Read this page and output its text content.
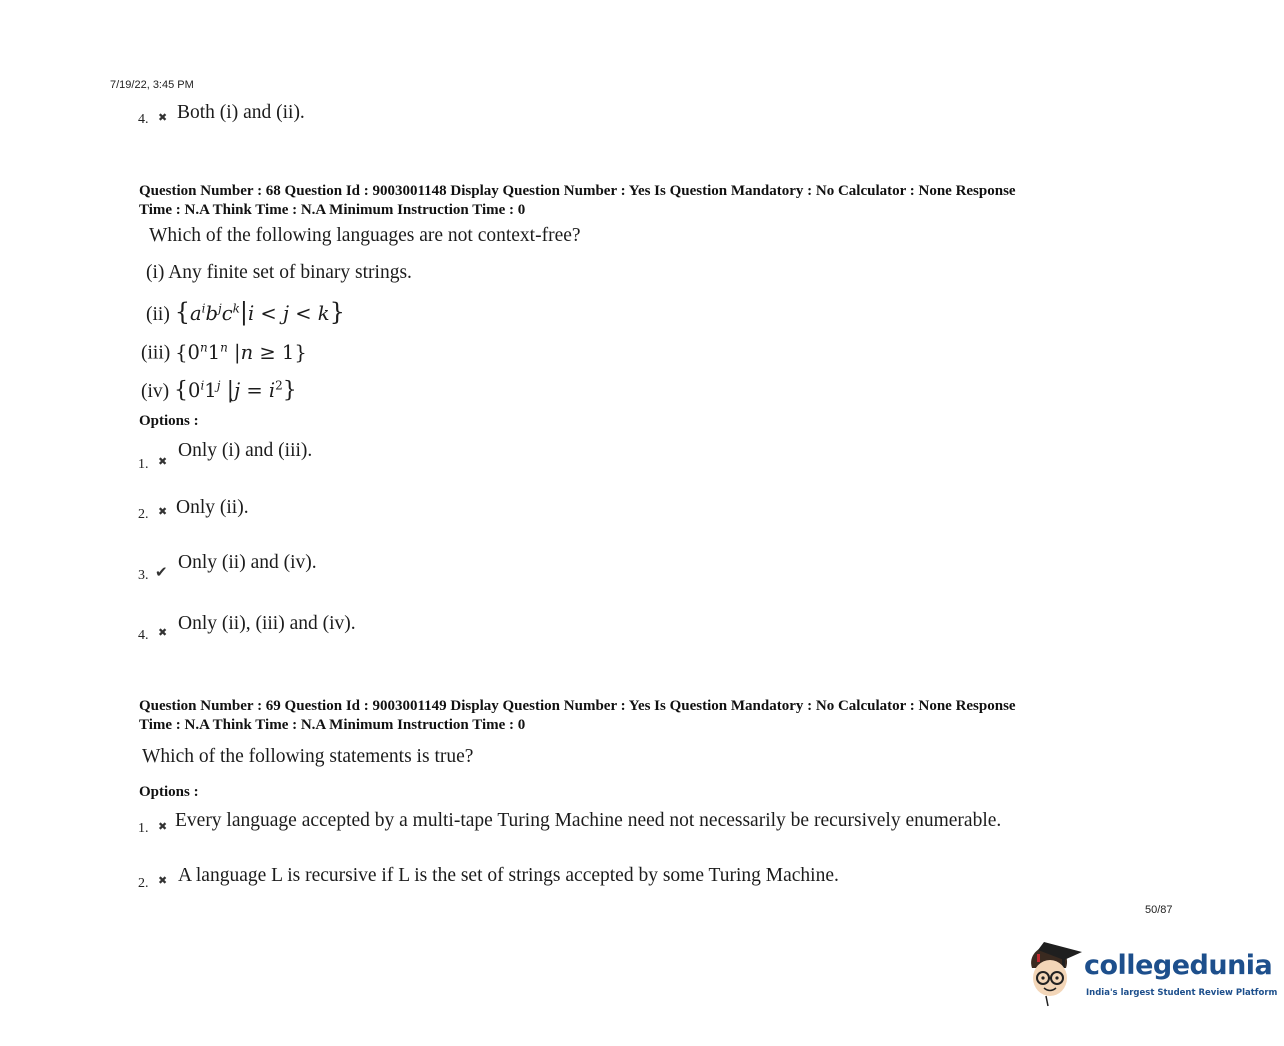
7/19/22, 3:45 PM
4. ✖ Both (i) and (ii).
Question Number : 68 Question Id : 9003001148 Display Question Number : Yes Is Question Mandatory : No Calculator : None Response
Time : N.A Think Time : N.A Minimum Instruction Time : 0
Which of the following languages are not context-free?
(i) Any finite set of binary strings.
(ii) $\{a^ib^jc^k|i < j < k\}$
(iii) {0$^n$1$^n$ |n ≥ 1}
(iv) {0$^i$1$^j$ $|j = i^2$}
Options :
1. ✖
Only (i) and (iii).
2. ✖ Only (ii).
3. ✔ Only (ii) and (iv).
4. ✖ Only (ii), (iii) and (iv).
Question Number : 69 Question Id : 9003001149 Display Question Number : Yes Is Question Mandatory : No Calculator : None Response
Time : N.A Think Time : N.A Minimum Instruction Time : 0
Which of the following statements is true?
Options :
1. ✖ Every language accepted by a multi-tape Turing Machine need not necessarily be recursively enumerable.
2. ✖ A language L is recursive if L is the set of strings accepted by some Turing Machine.
50/87
collegedunia
India's largest Student Review Platform
